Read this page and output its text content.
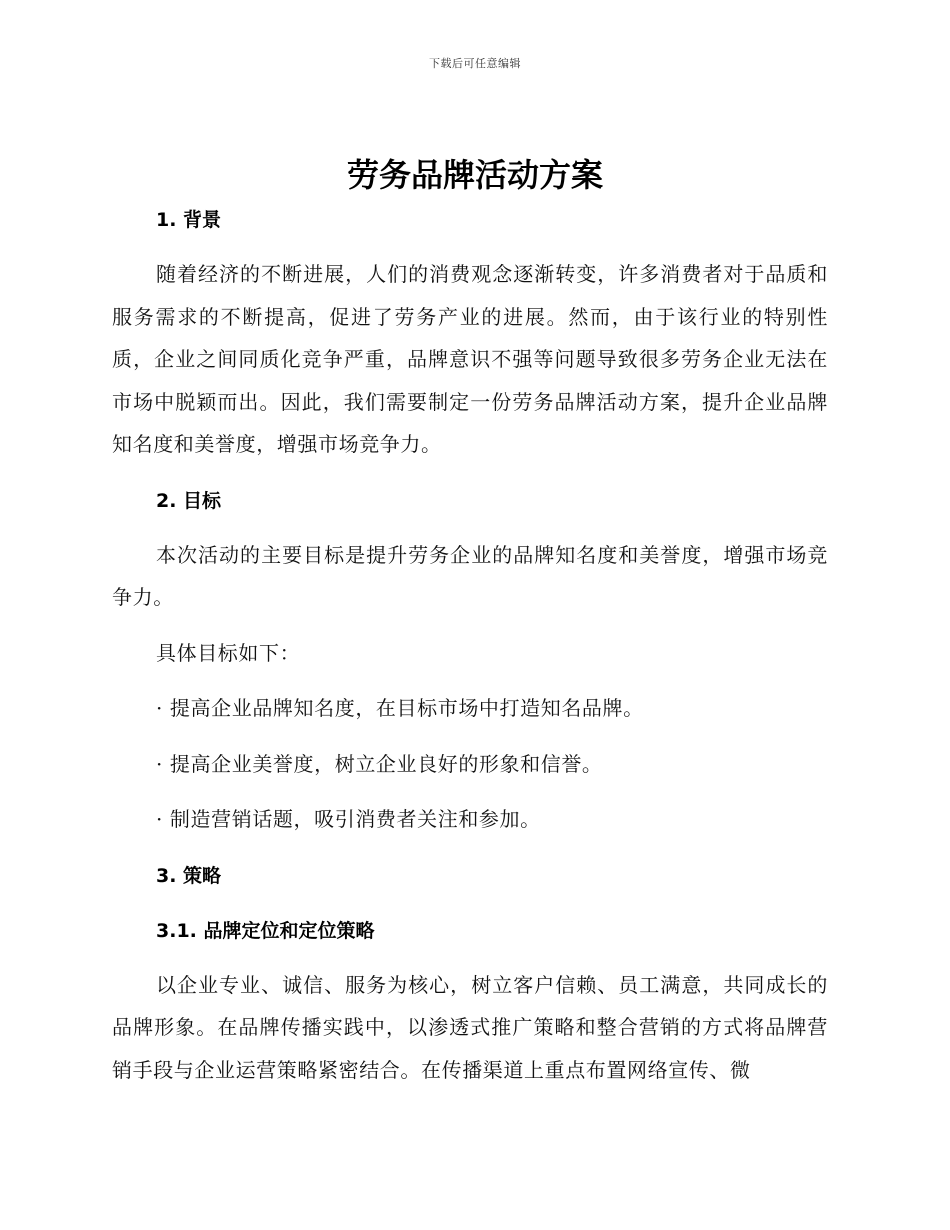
下载后可任意编辑
劳务品牌活动方案
1. 背景

随着经济的不断进展，人们的消费观念逐渐转变，许多消费者对于品质和服务需求的不断提高，促进了劳务产业的进展。然而，由于该行业的特别性质，企业之间同质化竞争严重，品牌意识不强等问题导致很多劳务企业无法在市场中脱颖而出。因此，我们需要制定一份劳务品牌活动方案，提升企业品牌知名度和美誉度，增强市场竞争力。

2. 目标

本次活动的主要目标是提升劳务企业的品牌知名度和美誉度，增强市场竞争力。

具体目标如下：

· 提高企业品牌知名度，在目标市场中打造知名品牌。

· 提高企业美誉度，树立企业良好的形象和信誉。

· 制造营销话题，吸引消费者关注和参加。

3. 策略
3.1. 品牌定位和定位策略

以企业专业、诚信、服务为核心，树立客户信赖、员工满意，共同成长的品牌形象。在品牌传播实践中，以渗透式推广策略和整合营销的方式将品牌营销手段与企业运营策略紧密结合。在传播渠道上重点布置网络宣传、微
